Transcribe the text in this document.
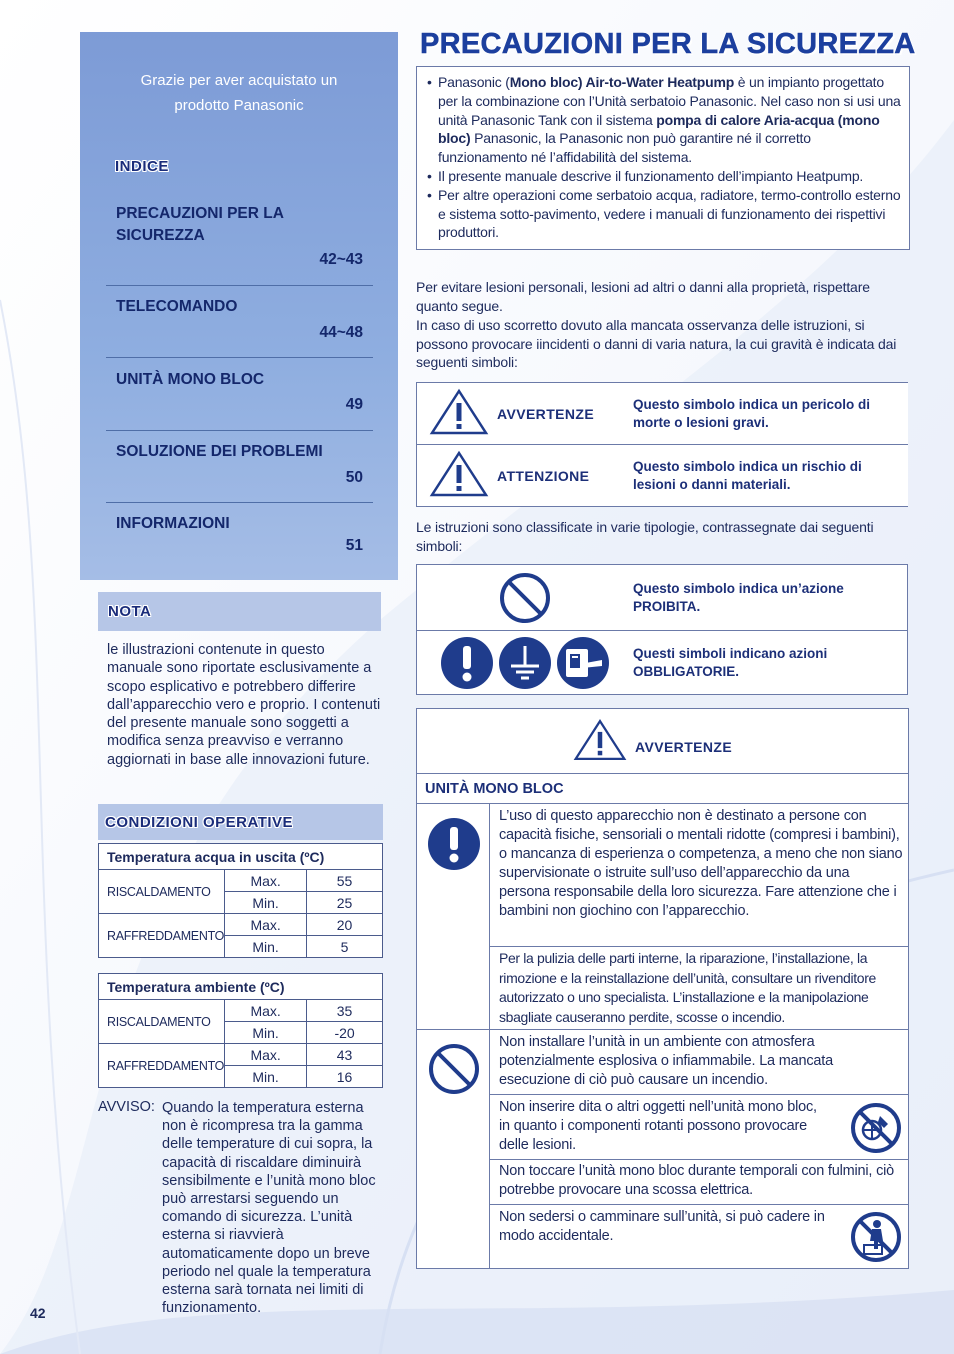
Grazie per aver acquistato un
prodotto Panasonic
INDICE
PRECAUZIONI PER LA SICUREZZA
42~43
TELECOMANDO
44~48
UNITÀ MONO BLOC
49
SOLUZIONE DEI PROBLEMI
50
INFORMAZIONI
51
NOTA
le illustrazioni contenute in questo manuale sono riportate esclusivamente a scopo esplicativo e potrebbero differire dall’apparecchio vero e proprio. I contenuti del presente manuale sono soggetti a modifica senza preavviso e verranno aggiornati in base alle innovazioni future.
CONDIZIONI OPERATIVE
Temperatura acqua in uscita (ºC)		
RISCALDAMENTO	Max.	55
	Min.	25
RAFFREDDAMENTO	Max.	20
	Min.	5
Temperatura ambiente (ºC)		
RISCALDAMENTO	Max.	35
	Min.	-20
RAFFREDDAMENTO	Max.	43
	Min.	16
AVVISO: Quando la temperatura esterna non è ricompresa tra la gamma delle temperature di cui sopra, la capacità di riscaldare diminuirà sensibilmente e l’unità mono bloc può arrestarsi seguendo un comando di sicurezza. L’unità esterna si riavvierà automaticamente dopo un breve periodo nel quale la temperatura esterna sarà tornata nei limiti di funzionamento.
42
PRECAUZIONI PER LA SICUREZZA
• Panasonic (Mono bloc) Air-to-Water Heatpump è un impianto progettato per la combinazione con l’Unità serbatoio Panasonic. Nel caso non si usi una unità Panasonic Tank con il sistema pompa di calore Aria-acqua (mono bloc) Panasonic, la Panasonic non può garantire né il corretto funzionamento né l’affidabilità del sistema.
• Il presente manuale descrive il funzionamento dell’impianto Heatpump.
• Per altre operazioni come serbatoio acqua, radiatore, termo-controllo esterno e sistema sotto-pavimento, vedere i manuali di funzionamento dei rispettivi produttori.
Per evitare lesioni personali, lesioni ad altri o danni alla proprietà, rispettare quanto segue.
In caso di uso scorretto dovuto alla mancata osservanza delle istruzioni, si possono provocare iincidenti o danni di varia natura, la cui gravità è indicata dai seguenti simboli:
AVVERTENZE
Questo simbolo indica un pericolo di morte o lesioni gravi.

ATTENZIONE
Questo simbolo indica un rischio di lesioni o danni materiali.
Le istruzioni sono classificate in varie tipologie, contrassegnate dai seguenti simboli:
Questo simbolo indica un’azione PROIBITA.

Questi simboli indicano azioni OBBLIGATORIE.
AVVERTENZE
UNITÀ MONO BLOC
L’uso di questo apparecchio non è destinato a persone con capacità fisiche, sensoriali o mentali ridotte (compresi i bambini), o mancanza di esperienza o competenza, a meno che non siano supervisionate o istruite sull’uso dell’apparecchio da una persona responsabile della loro sicurezza. Fare attenzione che i bambini non giochino con l’apparecchio.
Per la pulizia delle parti interne, la riparazione, l’installazione, la rimozione e la reinstallazione dell’unità, consultare un rivenditore autorizzato o uno specialista. L’installazione e la manipolazione sbagliate causeranno perdite, scosse o incendio.
Non installare l’unità in un ambiente con atmosfera potenzialmente esplosiva o infiammabile. La mancata esecuzione di ciò può causare un incendio.
Non inserire dita o altri oggetti nell’unità mono bloc, in quanto i componenti rotanti possono provocare delle lesioni.
Non toccare l’unità mono bloc durante temporali con fulmini, ciò potrebbe provocare una scossa elettrica.
Non sedersi o camminare sull’unità, si può cadere in modo accidentale.
